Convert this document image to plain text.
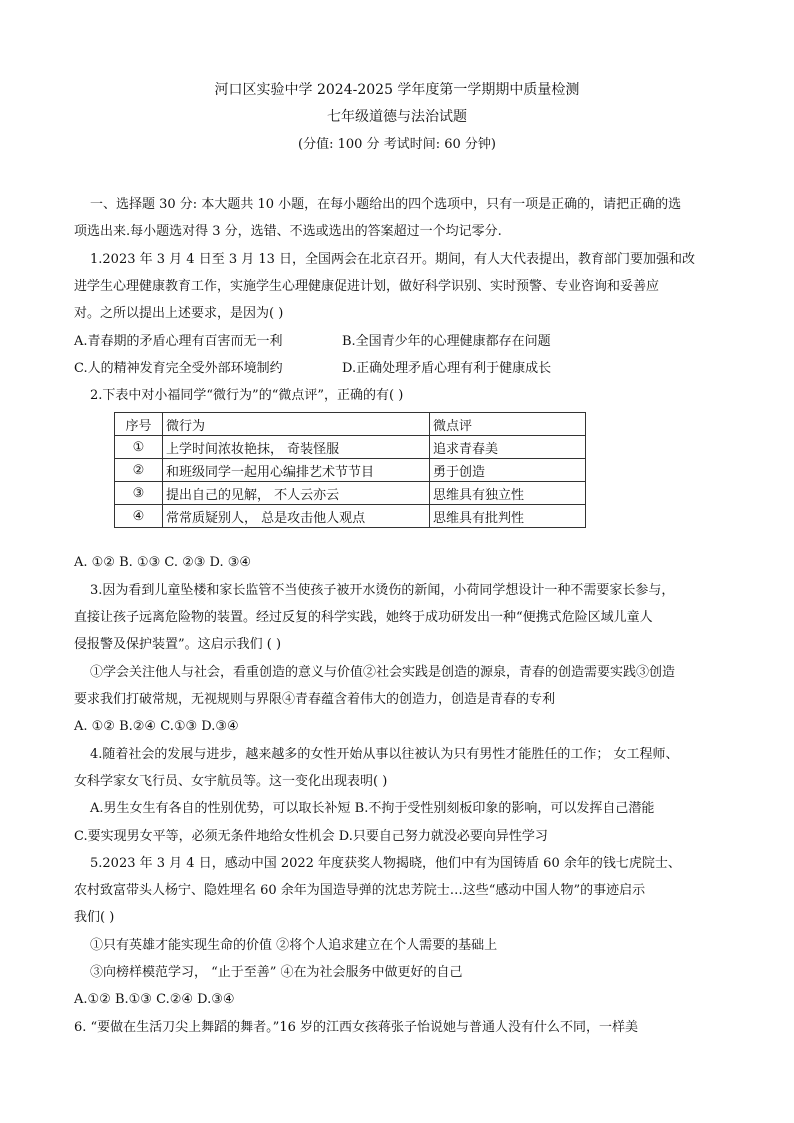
河口区实验中学 2024-2025 学年度第一学期期中质量检测
七年级道德与法治试题
(分值: 100 分 考试时间: 60 分钟)
一、选择题 30 分: 本大题共 10 小题，在每小题给出的四个选项中，只有一项是正确的，请把正确的选
项选出来.每小题选对得 3 分，选错、不选或选出的答案超过一个均记零分.
1.2023 年 3 月 4 日至 3 月 13 日，全国两会在北京召开。期间，有人大代表提出，教育部门要加强和改
进学生心理健康教育工作，实施学生心理健康促进计划，做好科学识别、实时预警、专业咨询和妥善应
对。之所以提出上述要求，是因为( )
A.青春期的矛盾心理有百害而无一利	B.全国青少年的心理健康都存在问题
C.人的精神发育完全受外部环境制约	D.正确处理矛盾心理有利于健康成长
2.下表中对小福同学“微行为”的“微点评”，正确的有( )
序号	微行为	微点评
①	上学时间浓妆艳抹， 奇装怪服	追求青春美
②	和班级同学一起用心编排艺术节节目	勇于创造
③	提出自己的见解， 不人云亦云	思维具有独立性
④	常常质疑别人， 总是攻击他人观点	思维具有批判性
A. ①② B. ①③ C. ②③ D. ③④
3.因为看到儿童坠楼和家长监管不当使孩子被开水烫伤的新闻，小荷同学想设计一种不需要家长参与，
直接让孩子远离危险物的装置。经过反复的科学实践，她终于成功研发出一种“便携式危险区域儿童人
侵报警及保护装置”。这启示我们 ( )
①学会关注他人与社会，看重创造的意义与价值②社会实践是创造的源泉，青春的创造需要实践③创造
要求我们打破常规，无视规则与界限④青春蕴含着伟大的创造力，创造是青春的专利
A. ①② B.②④ C.①③ D.③④
4.随着社会的发展与进步，越来越多的女性开始从事以往被认为只有男性才能胜任的工作； 女工程师、
女科学家女飞行员、女宇航员等。这一变化出现表明( )
A.男生女生有各自的性别优势，可以取长补短 B.不拘于受性别刻板印象的影响，可以发挥自己潜能
C.要实现男女平等，必须无条件地给女性机会 D.只要自己努力就没必要向异性学习
5.2023 年 3 月 4 日，感动中国 2022 年度获奖人物揭晓，他们中有为国铸盾 60 余年的钱七虎院士、
农村致富带头人杨宁、隐姓埋名 60 余年为国造导弹的沈忠芳院士…这些“感动中国人物”的事迹启示
我们( )
①只有英雄才能实现生命的价值 ②将个人追求建立在个人需要的基础上
③向榜样模范学习， “止于至善” ④在为社会服务中做更好的自己
A.①② B.①③ C.②④ D.③④
6. “要做在生活刀尖上舞蹈的舞者。”16 岁的江西女孩蒋张子怡说她与普通人没有什么不同，一样美
